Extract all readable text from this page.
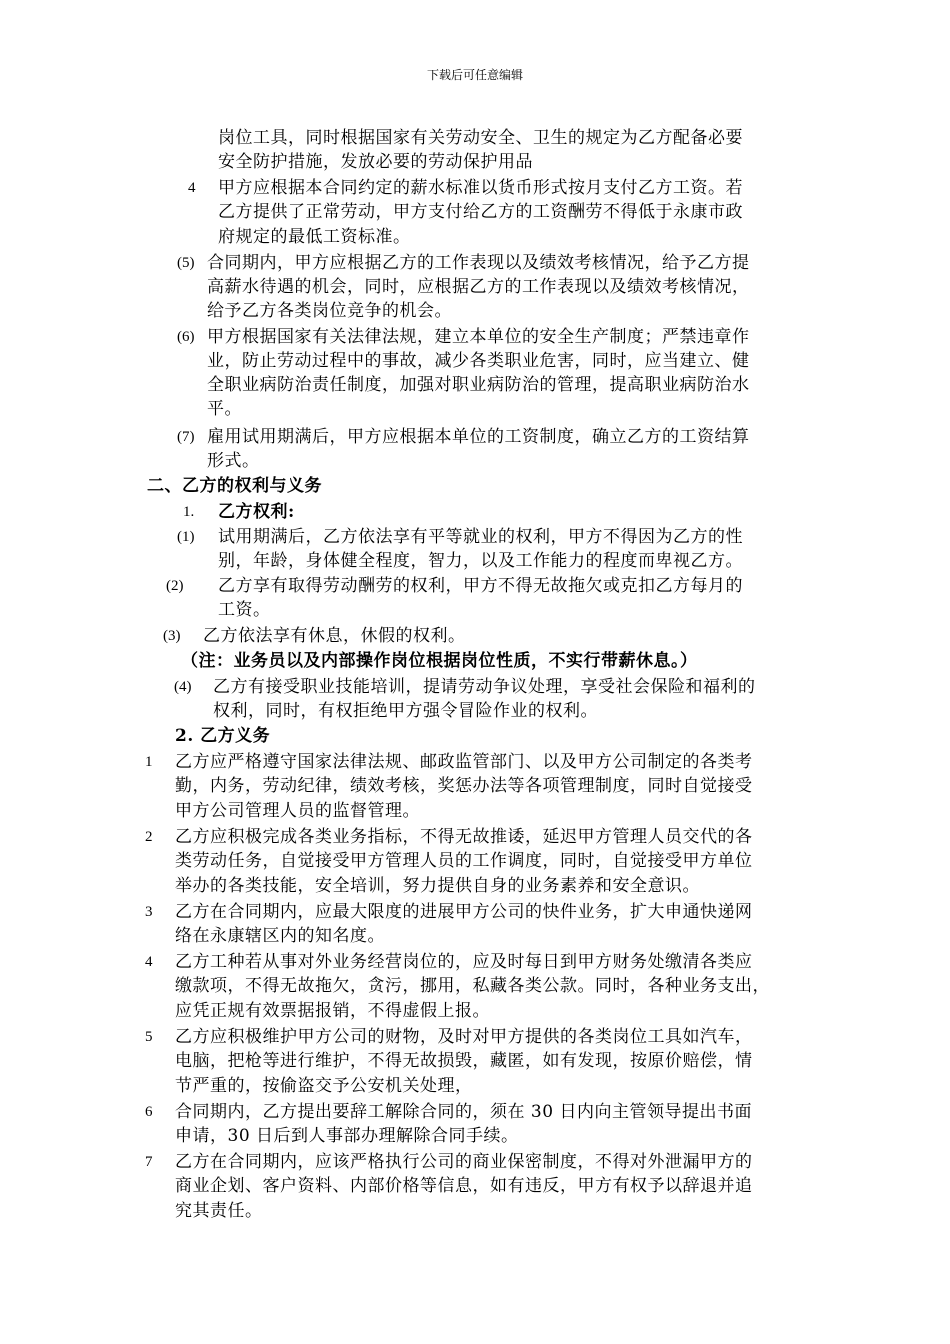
下载后可任意编辑
岗位工具，同时根据国家有关劳动安全、卫生的规定为乙方配备必要
安全防护措施，发放必要的劳动保护用品
4 甲方应根据本合同约定的薪水标准以货币形式按月支付乙方工资。若
乙方提供了正常劳动，甲方支付给乙方的工资酬劳不得低于永康市政
府规定的最低工资标准。
(5) 合同期内，甲方应根据乙方的工作表现以及绩效考核情况，给予乙方提
高薪水待遇的机会，同时，应根据乙方的工作表现以及绩效考核情况，
给予乙方各类岗位竞争的机会。
(6) 甲方根据国家有关法律法规，建立本单位的安全生产制度；严禁违章作
业，防止劳动过程中的事故，减少各类职业危害，同时，应当建立、健
全职业病防治责任制度，加强对职业病防治的管理，提高职业病防治水
平。
(7) 雇用试用期满后，甲方应根据本单位的工资制度，确立乙方的工资结算
形式。
二、乙方的权利与义务
1. 乙方权利:
(1) 试用期满后，乙方依法享有平等就业的权利，甲方不得因为乙方的性
别，年龄，身体健全程度，智力，以及工作能力的程度而卑视乙方。
(2) 乙方享有取得劳动酬劳的权利，甲方不得无故拖欠或克扣乙方每月的
工资。
(3) 乙方依法享有休息，休假的权利。
（注：业务员以及内部操作岗位根据岗位性质，不实行带薪休息。）
(4) 乙方有接受职业技能培训，提请劳动争议处理，享受社会保险和福利的
权利，同时，有权拒绝甲方强令冒险作业的权利。
2. 乙方义务
1 乙方应严格遵守国家法律法规、邮政监管部门、以及甲方公司制定的各类考
勤，内务，劳动纪律，绩效考核，奖惩办法等各项管理制度，同时自觉接受
甲方公司管理人员的监督管理。
2 乙方应积极完成各类业务指标，不得无故推诿，延迟甲方管理人员交代的各
类劳动任务，自觉接受甲方管理人员的工作调度，同时，自觉接受甲方单位
举办的各类技能，安全培训，努力提供自身的业务素养和安全意识。
3 乙方在合同期内，应最大限度的进展甲方公司的快件业务，扩大申通快递网
络在永康辖区内的知名度。
4 乙方工种若从事对外业务经营岗位的，应及时每日到甲方财务处缴清各类应
缴款项，不得无故拖欠，贪污，挪用，私藏各类公款。同时，各种业务支出，
应凭正规有效票据报销，不得虚假上报。
5 乙方应积极维护甲方公司的财物，及时对甲方提供的各类岗位工具如汽车，
电脑，把枪等进行维护，不得无故损毁，藏匿，如有发现，按原价赔偿，情
节严重的，按偷盗交予公安机关处理，
6 合同期内，乙方提出要辞工解除合同的，须在 30 日内向主管领导提出书面
申请，30 日后到人事部办理解除合同手续。
7 乙方在合同期内，应该严格执行公司的商业保密制度，不得对外泄漏甲方的
商业企划、客户资料、内部价格等信息，如有违反，甲方有权予以辞退并追
究其责任。
